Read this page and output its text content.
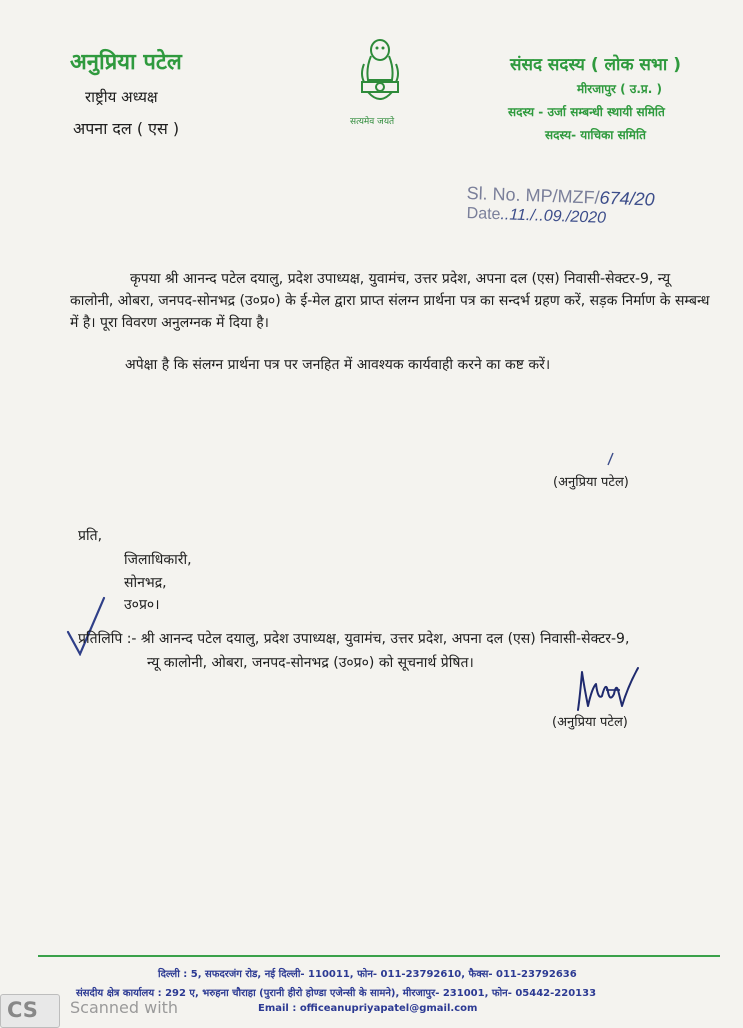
अनुप्रिया पटेल
राष्ट्रीय अध्यक्ष
अपना दल ( एस )	सत्यमेव जयते
संसद सदस्य ( लोक सभा )
मीरजापुर ( उ.प्र. )
सदस्य - उर्जा सम्बन्धी स्थायी समिति
सदस्य- याचिका समिति
Sl. No. MP/MZF/674/20
Date..11./..09./2020
कृपया श्री आनन्द पटेल दयालु, प्रदेश उपाध्यक्ष, युवामंच, उत्तर प्रदेश, अपना दल (एस) निवासी-सेक्टर-9, न्यू कालोनी, ओबरा, जनपद-सोनभद्र (उ०प्र०) के ई-मेल द्वारा प्राप्त संलग्न प्रार्थना पत्र का सन्दर्भ ग्रहण करें, सड़क निर्माण के सम्बन्ध में है। पूरा विवरण अनुलग्नक में दिया है।
अपेक्षा है कि संलग्न प्रार्थना पत्र पर जनहित में आवश्यक कार्यवाही करने का कष्ट करें।
(अनुप्रिया पटेल)
प्रति,
जिलाधिकारी,
सोनभद्र,
उ०प्र०।
प्रतिलिपि :- श्री आनन्द पटेल दयालु, प्रदेश उपाध्यक्ष, युवामंच, उत्तर प्रदेश, अपना दल (एस) निवासी-सेक्टर-9,
न्यू कालोनी, ओबरा, जनपद-सोनभद्र (उ०प्र०) को सूचनार्थ प्रेषित।
(अनुप्रिया पटेल)
दिल्ली : 5, सफदरजंग रोड, नई दिल्ली- 110011, फोन- 011-23792610, फैक्स- 011-23792636
संसदीय क्षेत्र कार्यालय : 292 ए, भरुहना चौराहा (पुरानी हीरो होण्डा एजेन्सी के सामने), मीरजापुर- 231001, फोन- 05442-220133
Email : officeanupriyapatel@gmail.com
CS Scanned with
